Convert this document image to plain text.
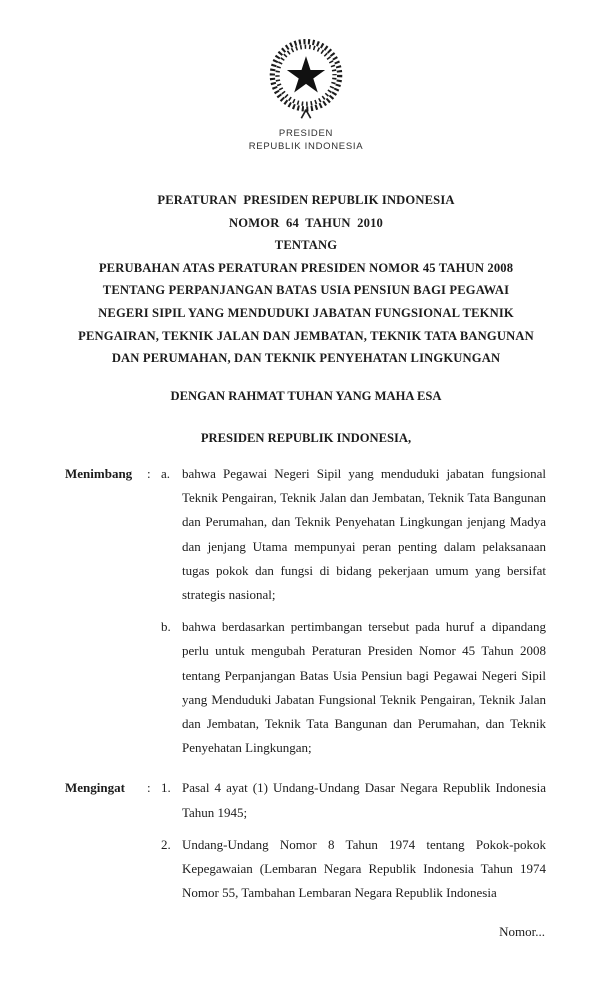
PRESIDEN
REPUBLIK INDONESIA
PERATURAN  PRESIDEN REPUBLIK INDONESIA
NOMOR  64  TAHUN  2010
TENTANG
PERUBAHAN ATAS PERATURAN PRESIDEN NOMOR 45 TAHUN 2008
TENTANG PERPANJANGAN BATAS USIA PENSIUN BAGI PEGAWAI
NEGERI SIPIL YANG MENDUDUKI JABATAN FUNGSIONAL TEKNIK
PENGAIRAN, TEKNIK JALAN DAN JEMBATAN, TEKNIK TATA BANGUNAN
DAN PERUMAHAN, DAN TEKNIK PENYEHATAN LINGKUNGAN
DENGAN RAHMAT TUHAN YANG MAHA ESA
PRESIDEN REPUBLIK INDONESIA,
Menimbang	: a. bahwa Pegawai Negeri Sipil yang menduduki jabatan fungsional Teknik Pengairan, Teknik Jalan dan Jembatan, Teknik Tata Bangunan dan Perumahan, dan Teknik Penyehatan Lingkungan jenjang Madya dan jenjang Utama mempunyai peran penting dalam pelaksanaan tugas pokok dan fungsi di bidang pekerjaan umum yang bersifat strategis nasional;
b. bahwa berdasarkan pertimbangan tersebut pada huruf a dipandang perlu untuk mengubah Peraturan Presiden Nomor 45 Tahun 2008 tentang Perpanjangan Batas Usia Pensiun bagi Pegawai Negeri Sipil yang Menduduki Jabatan Fungsional Teknik Pengairan, Teknik Jalan dan Jembatan, Teknik Tata Bangunan dan Perumahan, dan Teknik Penyehatan Lingkungan;
Mengingat	: 1. Pasal 4 ayat (1) Undang-Undang Dasar Negara Republik Indonesia Tahun 1945;
2. Undang-Undang Nomor 8 Tahun 1974 tentang Pokok-pokok Kepegawaian (Lembaran Negara Republik Indonesia Tahun 1974 Nomor 55, Tambahan Lembaran Negara Republik Indonesia
Nomor...
